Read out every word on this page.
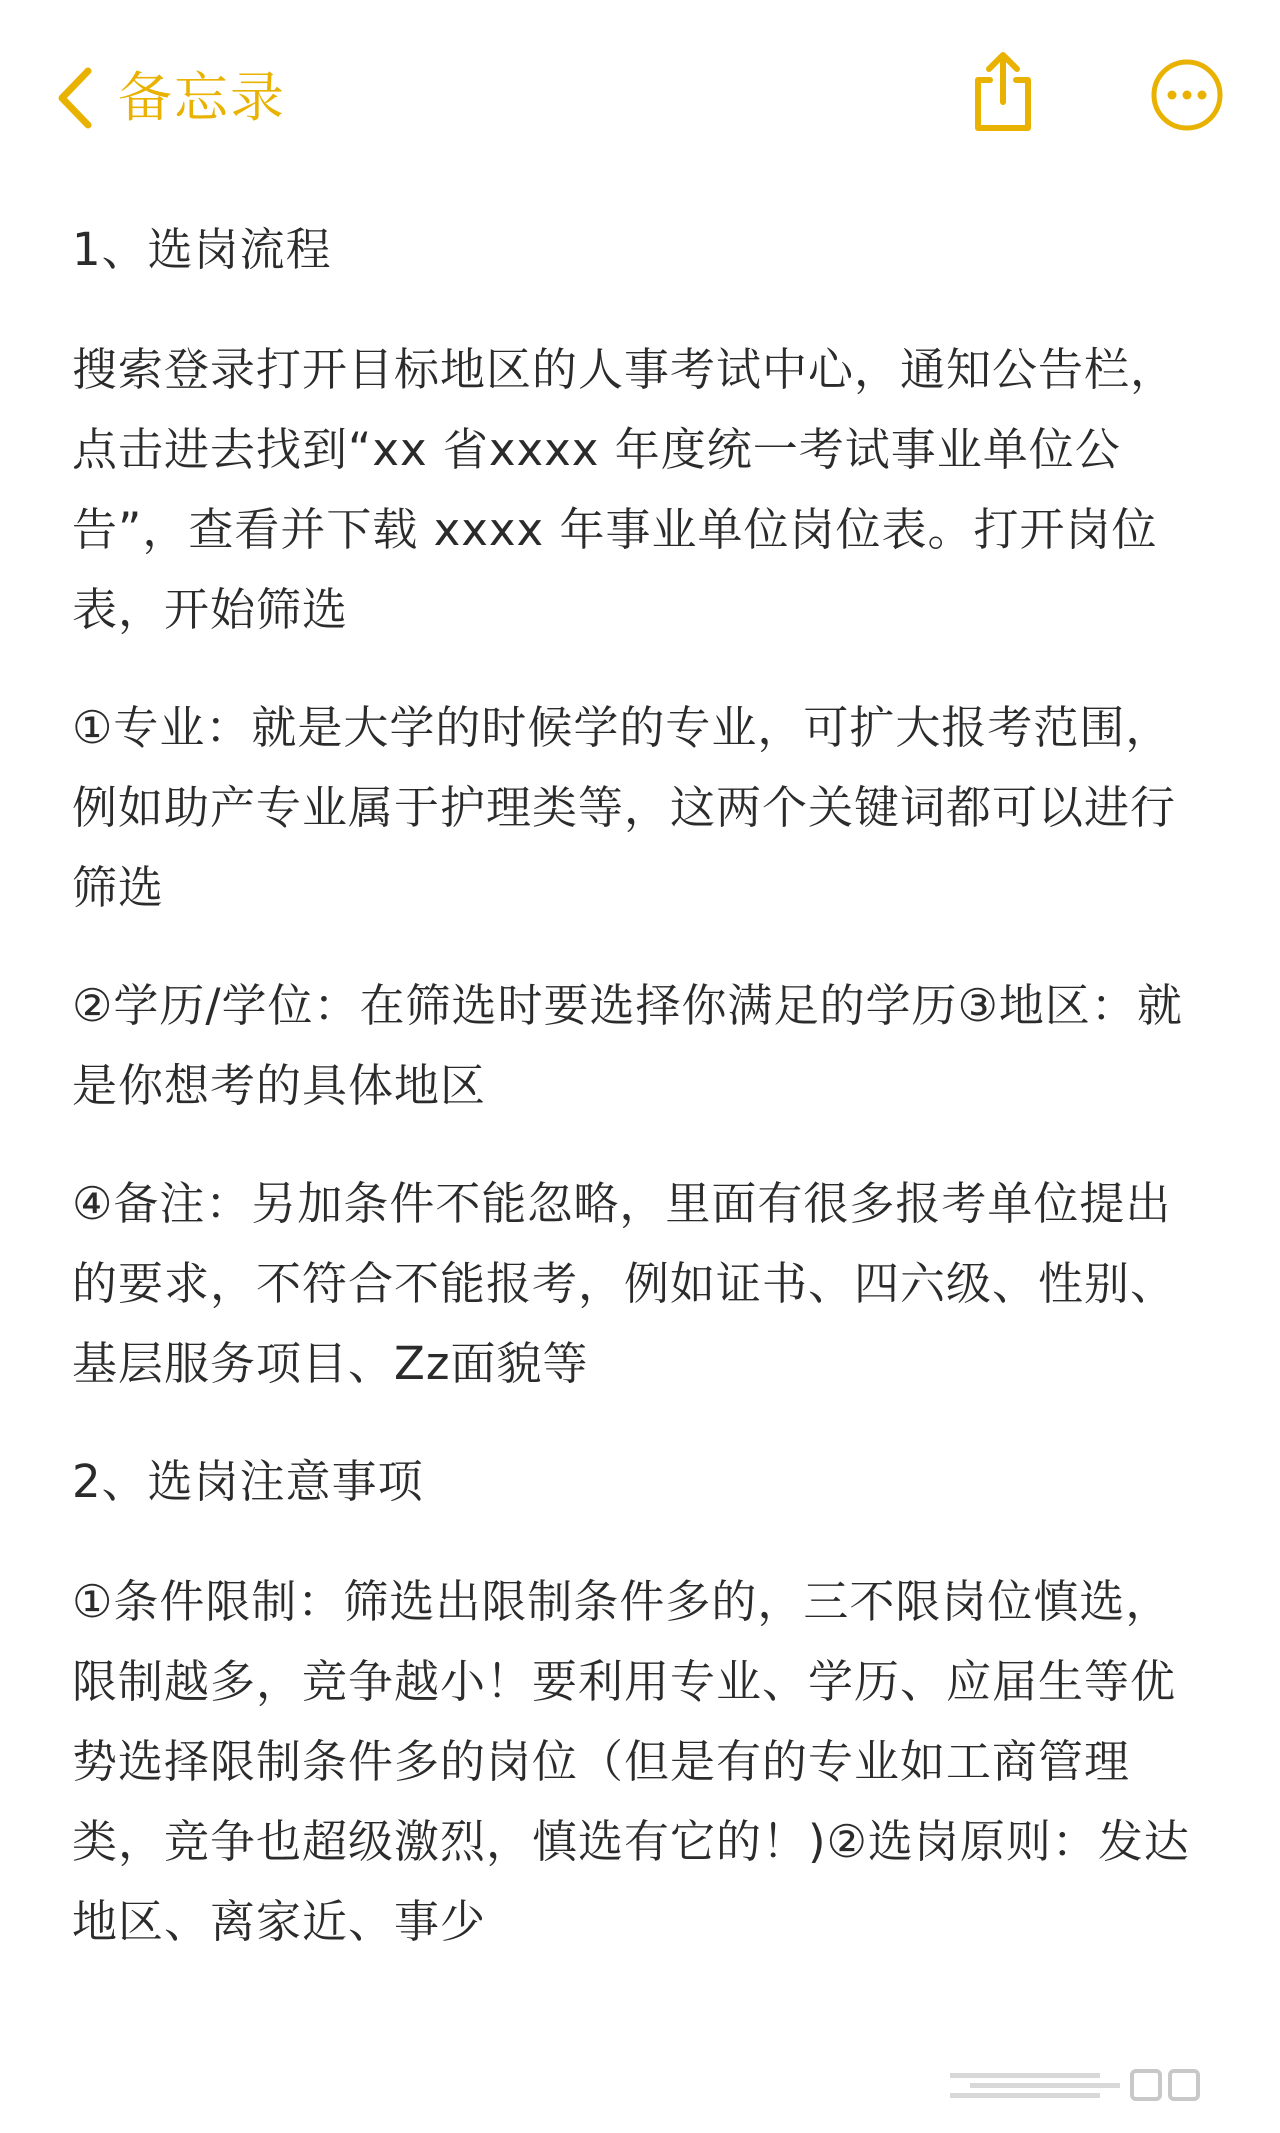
备忘录

1、选岗流程

搜索登录打开目标地区的人事考试中心，通知公告栏，点击进去找到“xx 省xxxx 年度统一考试事业单位公告”，查看并下载 xxxx 年事业单位岗位表。打开岗位表，开始筛选

①专业：就是大学的时候学的专业，可扩大报考范围，例如助产专业属于护理类等，这两个关键词都可以进行筛选

②学历/学位：在筛选时要选择你满足的学历③地区：就是你想考的具体地区

④备注：另加条件不能忽略，里面有很多报考单位提出的要求，不符合不能报考，例如证书、四六级、性别、基层服务项目、Zz面貌等

2、选岗注意事项

①条件限制：筛选出限制条件多的，三不限岗位慎选，限制越多，竞争越小！要利用专业、学历、应届生等优势选择限制条件多的岗位（但是有的专业如工商管理类，竞争也超级激烈，慎选有它的！)②选岗原则：发达地区、离家近、事少
